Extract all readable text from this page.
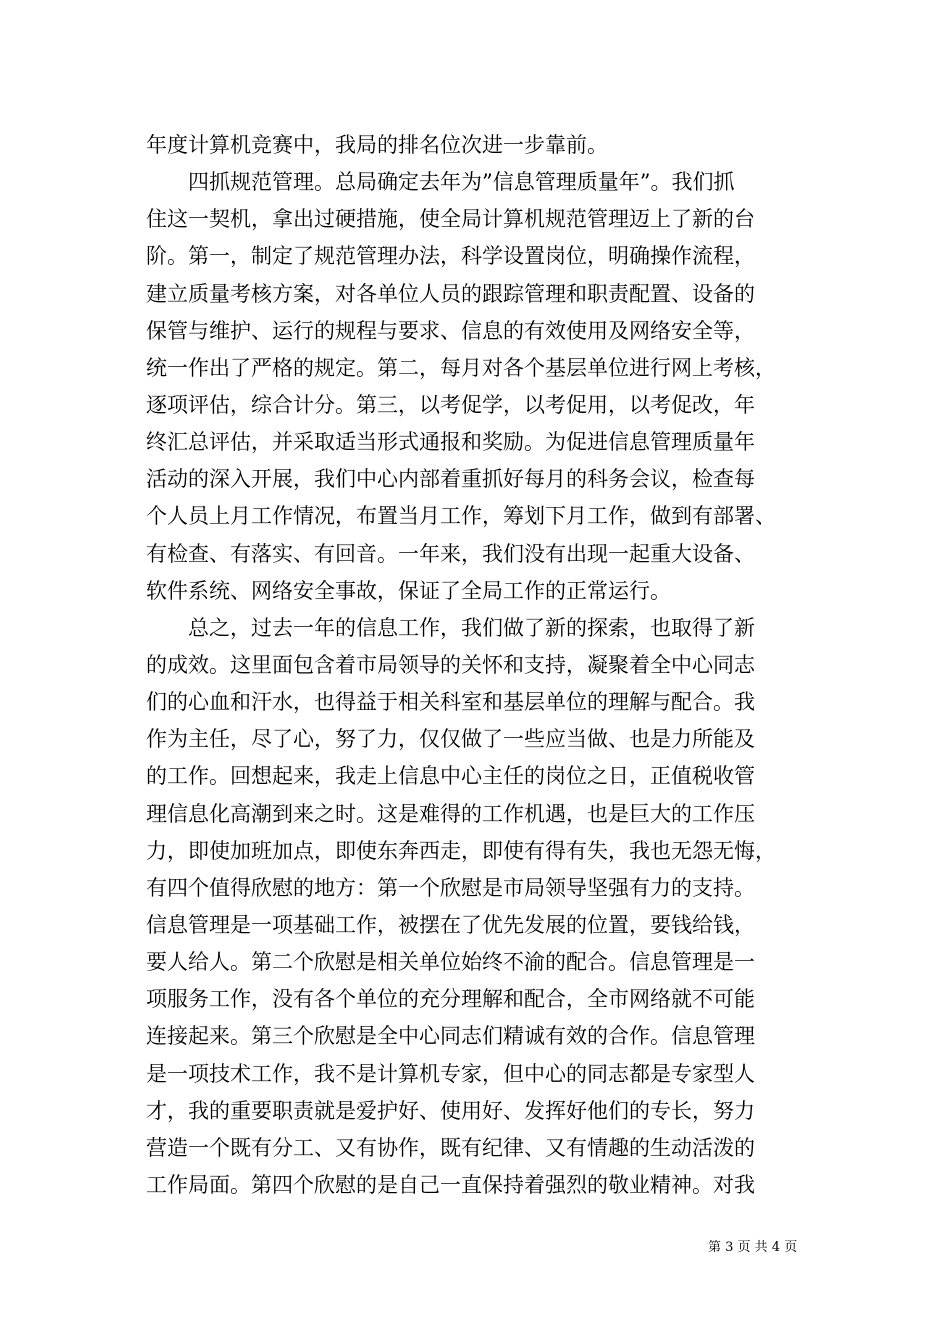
年度计算机竞赛中，我局的排名位次进一步靠前。
　　四抓规范管理。总局确定去年为”信息管理质量年”。我们抓
住这一契机，拿出过硬措施，使全局计算机规范管理迈上了新的台
阶。第一，制定了规范管理办法，科学设置岗位，明确操作流程，
建立质量考核方案，对各单位人员的跟踪管理和职责配置、设备的
保管与维护、运行的规程与要求、信息的有效使用及网络安全等，
统一作出了严格的规定。第二，每月对各个基层单位进行网上考核，
逐项评估，综合计分。第三，以考促学，以考促用，以考促改，年
终汇总评估，并采取适当形式通报和奖励。为促进信息管理质量年
活动的深入开展，我们中心内部着重抓好每月的科务会议，检查每
个人员上月工作情况，布置当月工作，筹划下月工作，做到有部署、
有检查、有落实、有回音。一年来，我们没有出现一起重大设备、
软件系统、网络安全事故，保证了全局工作的正常运行。
　　总之，过去一年的信息工作，我们做了新的探索，也取得了新
的成效。这里面包含着市局领导的关怀和支持，凝聚着全中心同志
们的心血和汗水，也得益于相关科室和基层单位的理解与配合。我
作为主任，尽了心，努了力，仅仅做了一些应当做、也是力所能及
的工作。回想起来，我走上信息中心主任的岗位之日，正值税收管
理信息化高潮到来之时。这是难得的工作机遇，也是巨大的工作压
力，即使加班加点，即使东奔西走，即使有得有失，我也无怨无悔，
有四个值得欣慰的地方：第一个欣慰是市局领导坚强有力的支持。
信息管理是一项基础工作，被摆在了优先发展的位置，要钱给钱，
要人给人。第二个欣慰是相关单位始终不渝的配合。信息管理是一
项服务工作，没有各个单位的充分理解和配合，全市网络就不可能
连接起来。第三个欣慰是全中心同志们精诚有效的合作。信息管理
是一项技术工作，我不是计算机专家，但中心的同志都是专家型人
才，我的重要职责就是爱护好、使用好、发挥好他们的专长，努力
营造一个既有分工、又有协作，既有纪律、又有情趣的生动活泼的
工作局面。第四个欣慰的是自己一直保持着强烈的敬业精神。对我
第 3 页 共 4 页
